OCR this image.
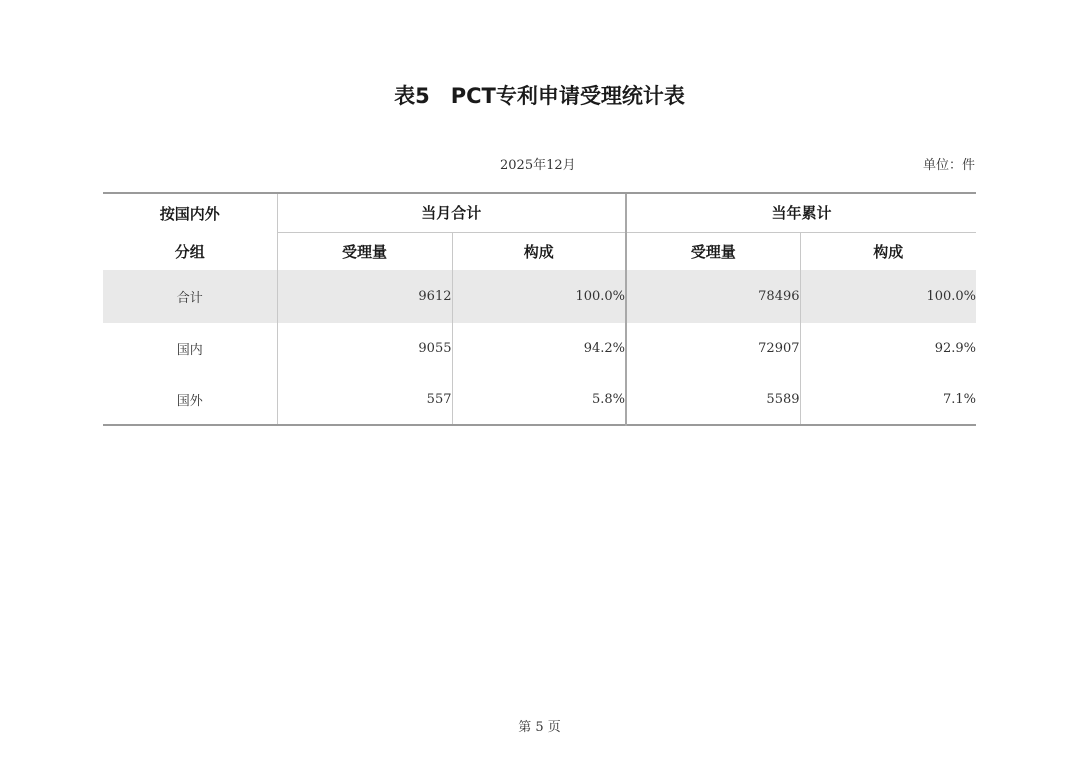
表5　PCT专利申请受理统计表
2025年12月	单位：件
按国内外	当月合计		当年累计	
分组	受理量	构成	受理量	构成
合计	9612	100.0%	78496	100.0%
国内	9055	94.2%	72907	92.9%
国外	557	5.8%	5589	7.1%
第 5 页
